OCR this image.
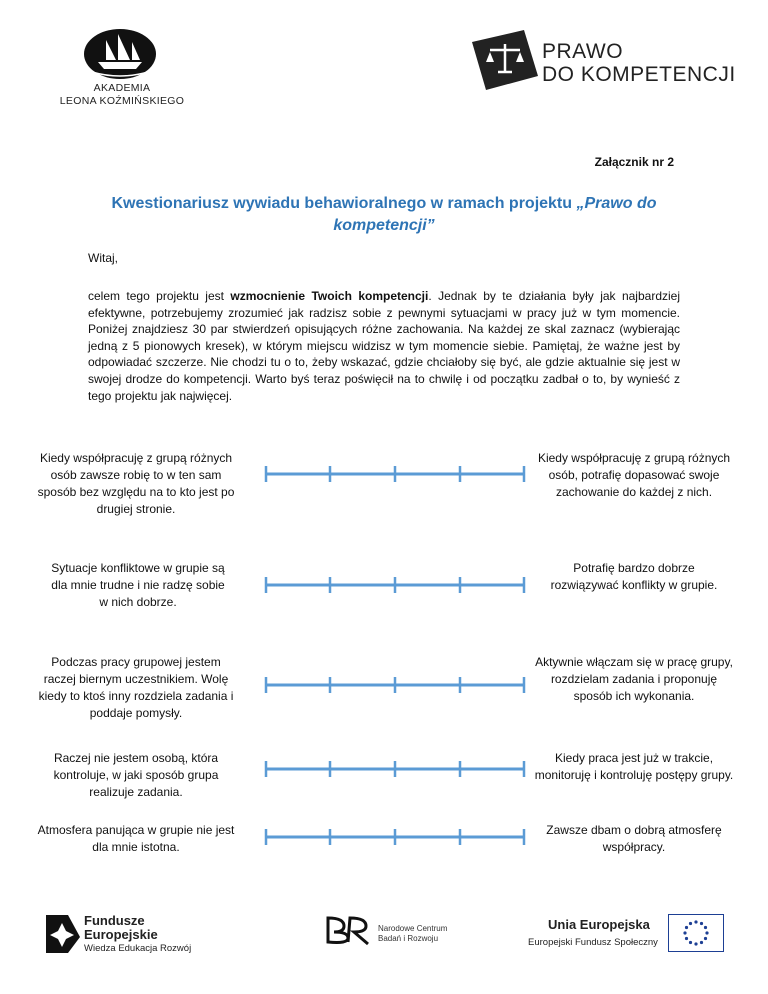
AKADEMIA
LEONA KOŹMIŃSKIEGO
PRAWO
DO KOMPETENCJI
Załącznik nr 2
Kwestionariusz wywiadu behawioralnego w ramach projektu „Prawo do kompetencji”
Witaj,
celem tego projektu jest wzmocnienie Twoich kompetencji. Jednak by te działania były jak najbardziej efektywne, potrzebujemy zrozumieć jak radzisz sobie z pewnymi sytuacjami w pracy już w tym momencie. Poniżej znajdziesz 30 par stwierdzeń opisujących różne zachowania. Na każdej ze skal zaznacz (wybierając jedną z 5 pionowych kresek), w którym miejscu widzisz w tym momencie siebie. Pamiętaj, że ważne jest by odpowiadać szczerze. Nie chodzi tu o to, żeby wskazać, gdzie chciałoby się być, ale gdzie aktualnie się jest w swojej drodze do kompetencji. Warto byś teraz poświęcił na to chwilę i od początku zadbał o to, by wynieść z tego projektu jak najwięcej.
Kiedy współpracuję z grupą różnych osób zawsze robię to w ten sam sposób bez względu na to kto jest po drugiej stronie.
Kiedy współpracuję z grupą różnych osób, potrafię dopasować swoje zachowanie do każdej z nich.
Sytuacje konfliktowe w grupie są dla mnie trudne i nie radzę sobie w nich dobrze.
Potrafię bardzo dobrze rozwiązywać konflikty w grupie.
Podczas pracy grupowej jestem raczej biernym uczestnikiem. Wolę kiedy to ktoś inny rozdziela zadania i poddaje pomysły.
Aktywnie włączam się w pracę grupy, rozdzielam zadania i proponuję sposób ich wykonania.
Raczej nie jestem osobą, która kontroluje, w jaki sposób grupa realizuje zadania.
Kiedy praca jest już w trakcie, monitoruję i kontroluję postępy grupy.
Atmosfera panująca w grupie nie jest dla mnie istotna.
Zawsze dbam o dobrą atmosferę współpracy.
Fundusze
Europejskie
Wiedza Edukacja Rozwój
Narodowe Centrum
Badań i Rozwoju
Unia Europejska
Europejski Fundusz Społeczny
